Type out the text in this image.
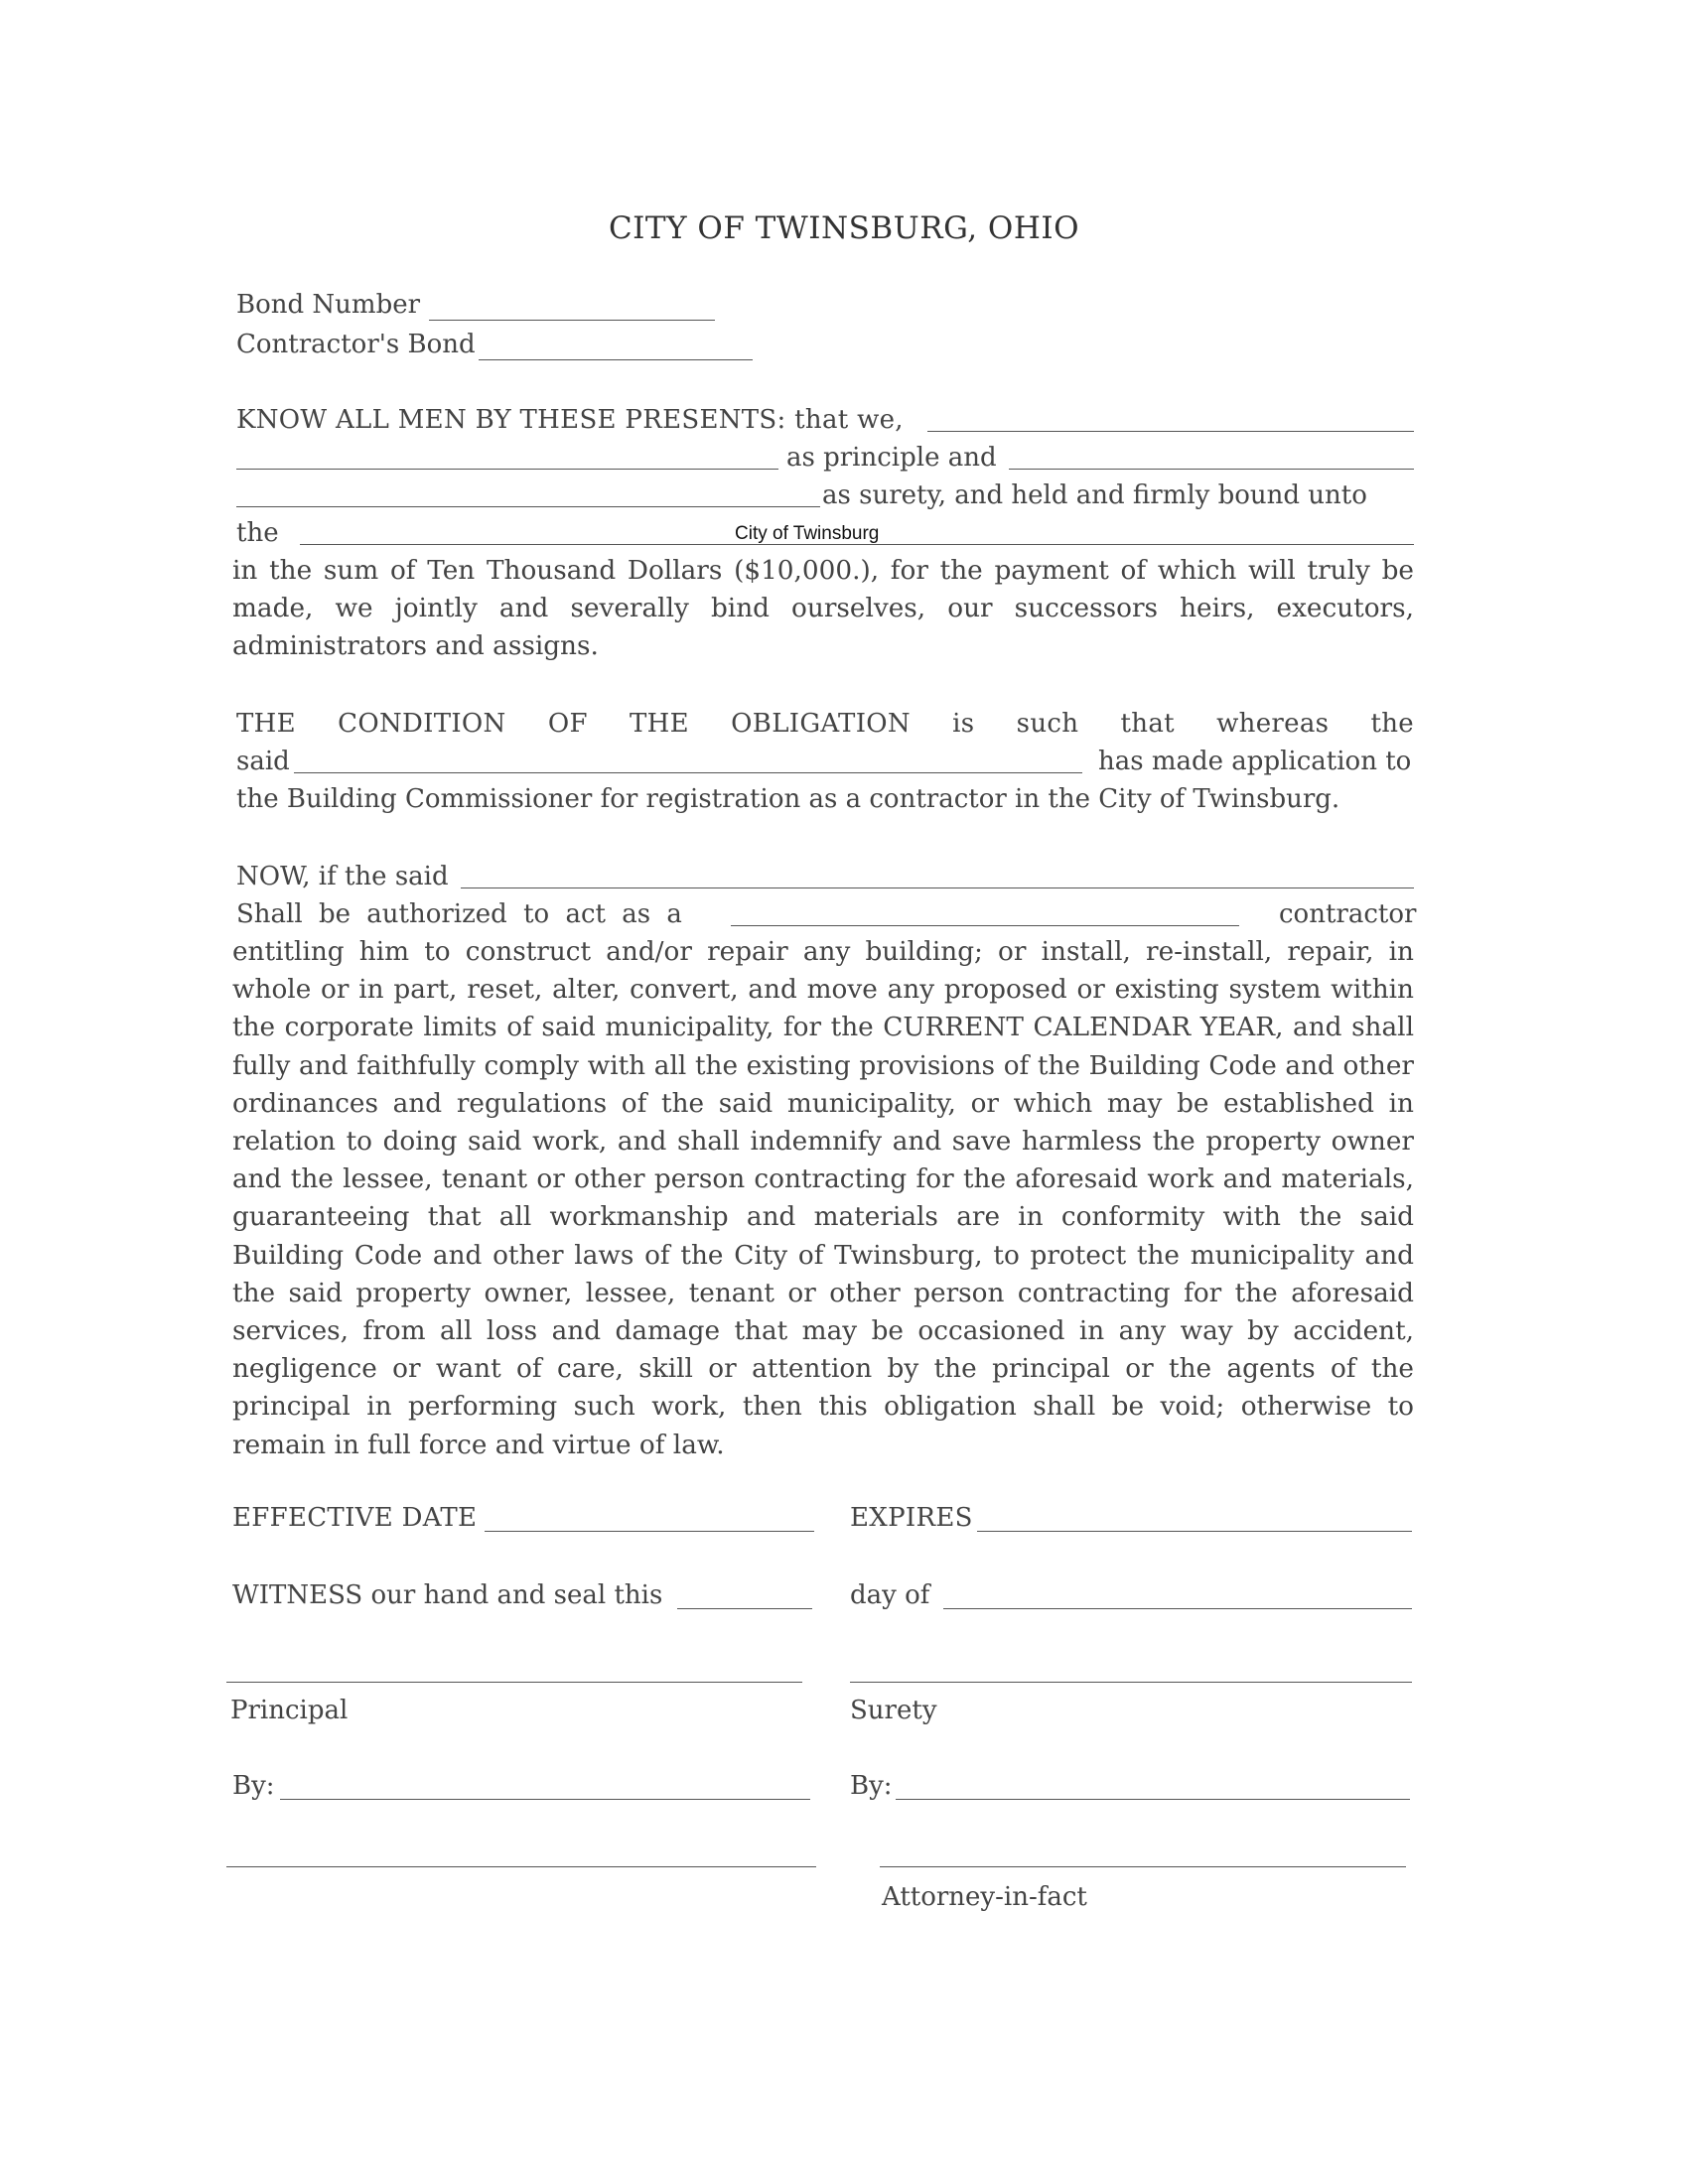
CITY OF TWINSBURG, OHIO
Bond Number
Contractor's Bond
KNOW ALL MEN BY THESE PRESENTS: that we,
as principle and
as surety, and held and firmly bound unto
the	City of Twinsburg
in the sum of Ten Thousand Dollars ($10,000.), for the payment of which will truly be made, we jointly and severally bind ourselves, our successors heirs, executors, administrators and assigns.
THE CONDITION OF THE OBLIGATION is such that whereas the
said	has made application to
the Building Commissioner for registration as a contractor in the City of Twinsburg.
NOW, if the said
Shall be authorized to act as a	contractor
entitling him to construct and/or repair any building; or install, re-install, repair, in whole or in part, reset, alter, convert, and move any proposed or existing system within the corporate limits of said municipality, for the CURRENT CALENDAR YEAR, and shall fully and faithfully comply with all the existing provisions of the Building Code and other ordinances and regulations of the said municipality, or which may be established in relation to doing said work, and shall indemnify and save harmless the property owner and the lessee, tenant or other person contracting for the aforesaid work and materials, guaranteeing that all workmanship and materials are in conformity with the said Building Code and other laws of the City of Twinsburg, to protect the municipality and the said property owner, lessee, tenant or other person contracting for the aforesaid services, from all loss and damage that may be occasioned in any way by accident, negligence or want of care, skill or attention by the principal or the agents of the principal in performing such work, then this obligation shall be void; otherwise to remain in full force and virtue of law.
EFFECTIVE DATE	EXPIRES
WITNESS our hand and seal this	day of
Principal	Surety
By:	By:
Attorney-in-fact
